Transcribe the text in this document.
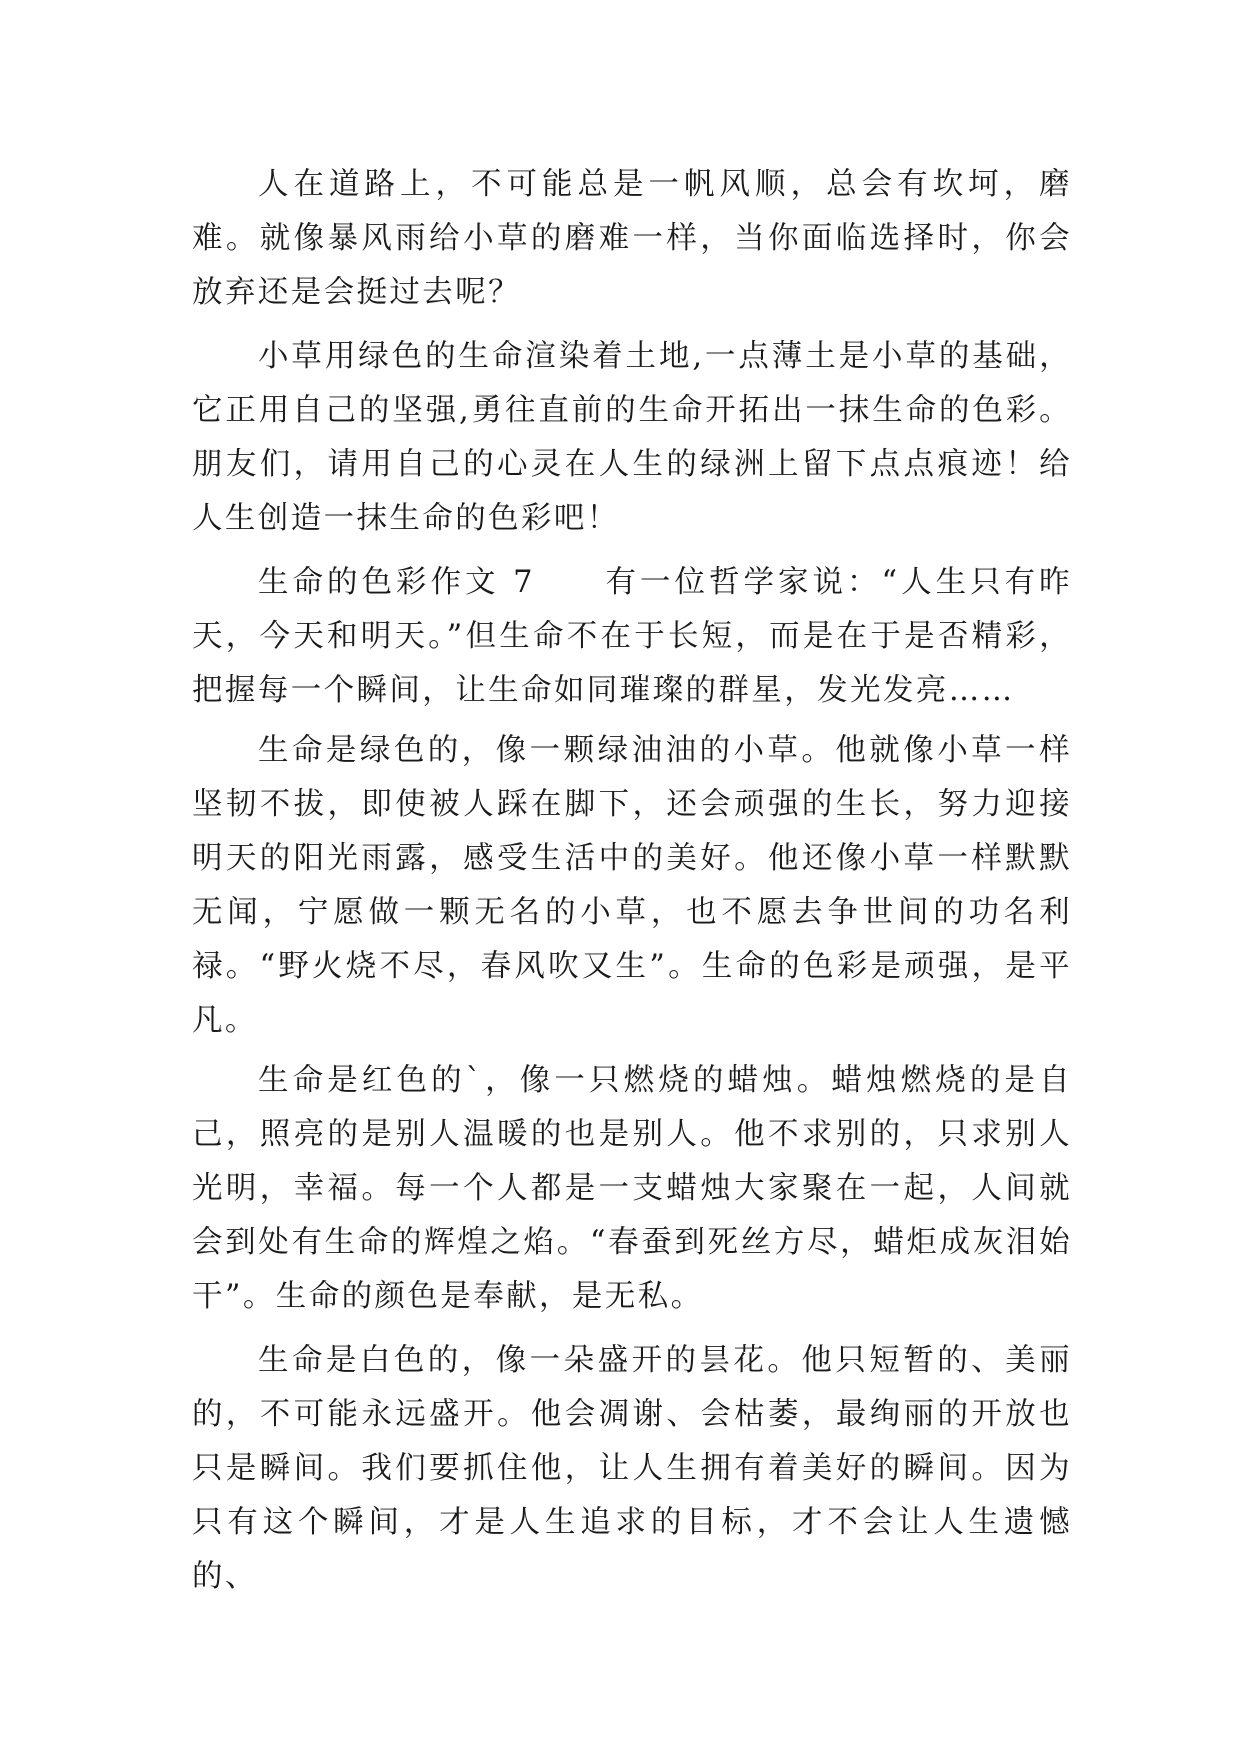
人在道路上，不可能总是一帆风顺，总会有坎坷，磨难。就像暴风雨给小草的磨难一样，当你面临选择时，你会放弃还是会挺过去呢？

小草用绿色的生命渲染着土地,一点薄土是小草的基础，它正用自己的坚强,勇往直前的生命开拓出一抹生命的色彩。朋友们，请用自己的心灵在人生的绿洲上留下点点痕迹！给人生创造一抹生命的色彩吧！

生命的色彩作文 7　　有一位哲学家说：“人生只有昨天，今天和明天。”但生命不在于长短，而是在于是否精彩，把握每一个瞬间，让生命如同璀璨的群星，发光发亮……

生命是绿色的，像一颗绿油油的小草。他就像小草一样坚韧不拔，即使被人踩在脚下，还会顽强的生长，努力迎接明天的阳光雨露，感受生活中的美好。他还像小草一样默默无闻，宁愿做一颗无名的小草，也不愿去争世间的功名利禄。“野火烧不尽，春风吹又生”。生命的色彩是顽强，是平凡。

生命是红色的`，像一只燃烧的蜡烛。蜡烛燃烧的是自己，照亮的是别人温暖的也是别人。他不求别的，只求别人光明，幸福。每一个人都是一支蜡烛大家聚在一起，人间就会到处有生命的辉煌之焰。“春蚕到死丝方尽，蜡炬成灰泪始干”。生命的颜色是奉献，是无私。

生命是白色的，像一朵盛开的昙花。他只短暂的、美丽的，不可能永远盛开。他会凋谢、会枯萎，最绚丽的开放也只是瞬间。我们要抓住他，让人生拥有着美好的瞬间。因为只有这个瞬间，才是人生追求的目标，才不会让人生遗憾的、
